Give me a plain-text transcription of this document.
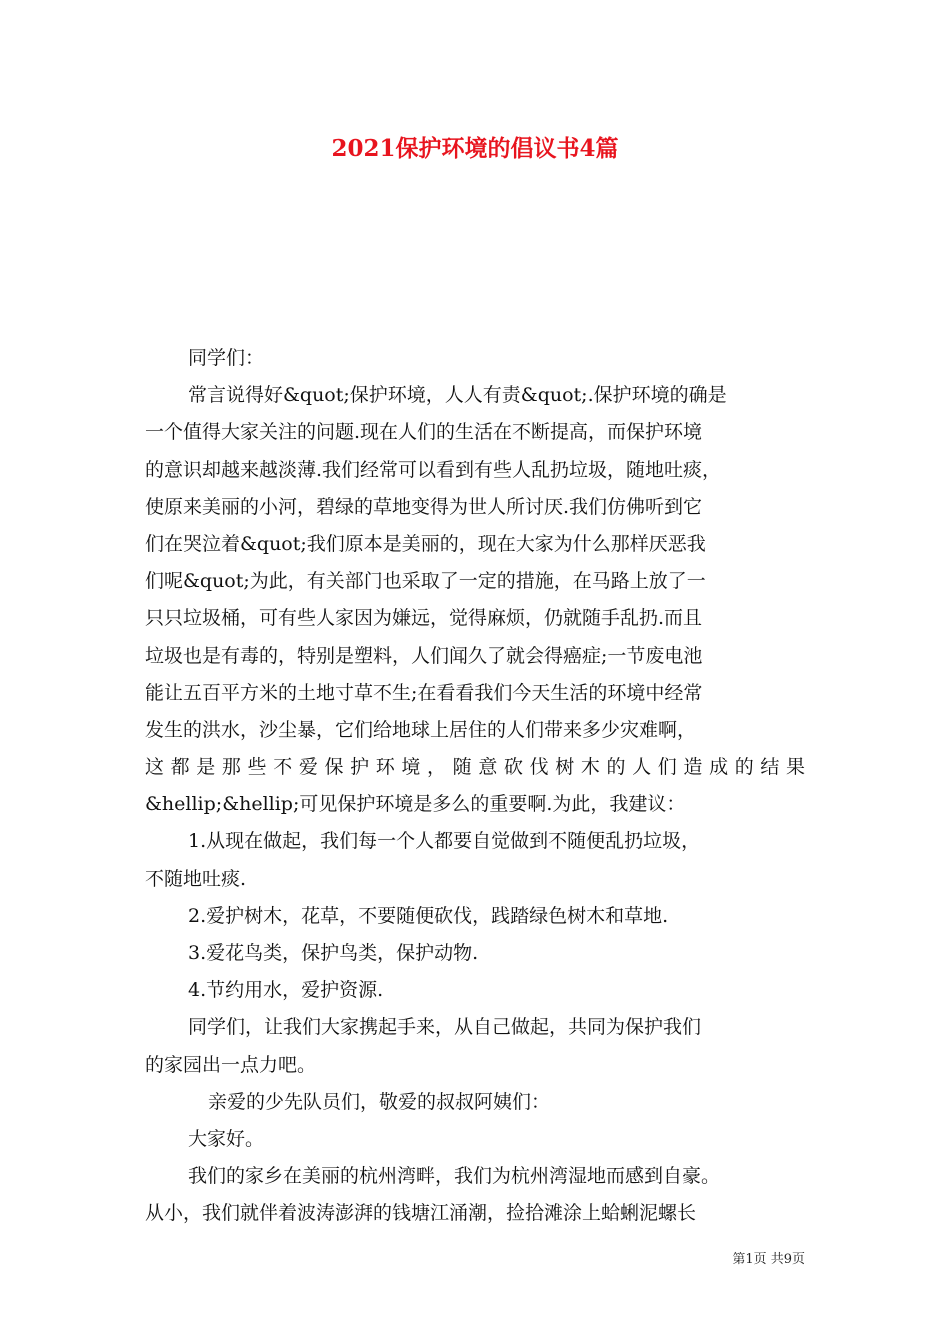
2021保护环境的倡议书4篇
同学们：
常言说得好&quot;保护环境，人人有责&quot;.保护环境的确是
一个值得大家关注的问题.现在人们的生活在不断提高，而保护环境
的意识却越来越淡薄.我们经常可以看到有些人乱扔垃圾，随地吐痰，
使原来美丽的小河，碧绿的草地变得为世人所讨厌.我们仿佛听到它
们在哭泣着&quot;我们原本是美丽的，现在大家为什么那样厌恶我
们呢&quot;为此，有关部门也采取了一定的措施，在马路上放了一
只只垃圾桶，可有些人家因为嫌远，觉得麻烦，仍就随手乱扔.而且
垃圾也是有毒的，特别是塑料，人们闻久了就会得癌症;一节废电池
能让五百平方米的土地寸草不生;在看看我们今天生活的环境中经常
发生的洪水，沙尘暴，它们给地球上居住的人们带来多少灾难啊，
这都是那些不爱保护环境，随意砍伐树木的人们造成的结果
&hellip;&hellip;可见保护环境是多么的重要啊.为此，我建议：
1.从现在做起，我们每一个人都要自觉做到不随便乱扔垃圾，
不随地吐痰.
2.爱护树木，花草，不要随便砍伐，践踏绿色树木和草地.
3.爱花鸟类，保护鸟类，保护动物.
4.节约用水，爱护资源.
同学们，让我们大家携起手来，从自己做起，共同为保护我们
的家园出一点力吧。
亲爱的少先队员们，敬爱的叔叔阿姨们：
大家好。
我们的家乡在美丽的杭州湾畔，我们为杭州湾湿地而感到自豪。
从小，我们就伴着波涛澎湃的钱塘江涌潮，捡拾滩涂上蛤蜊泥螺长
第1页 共9页
